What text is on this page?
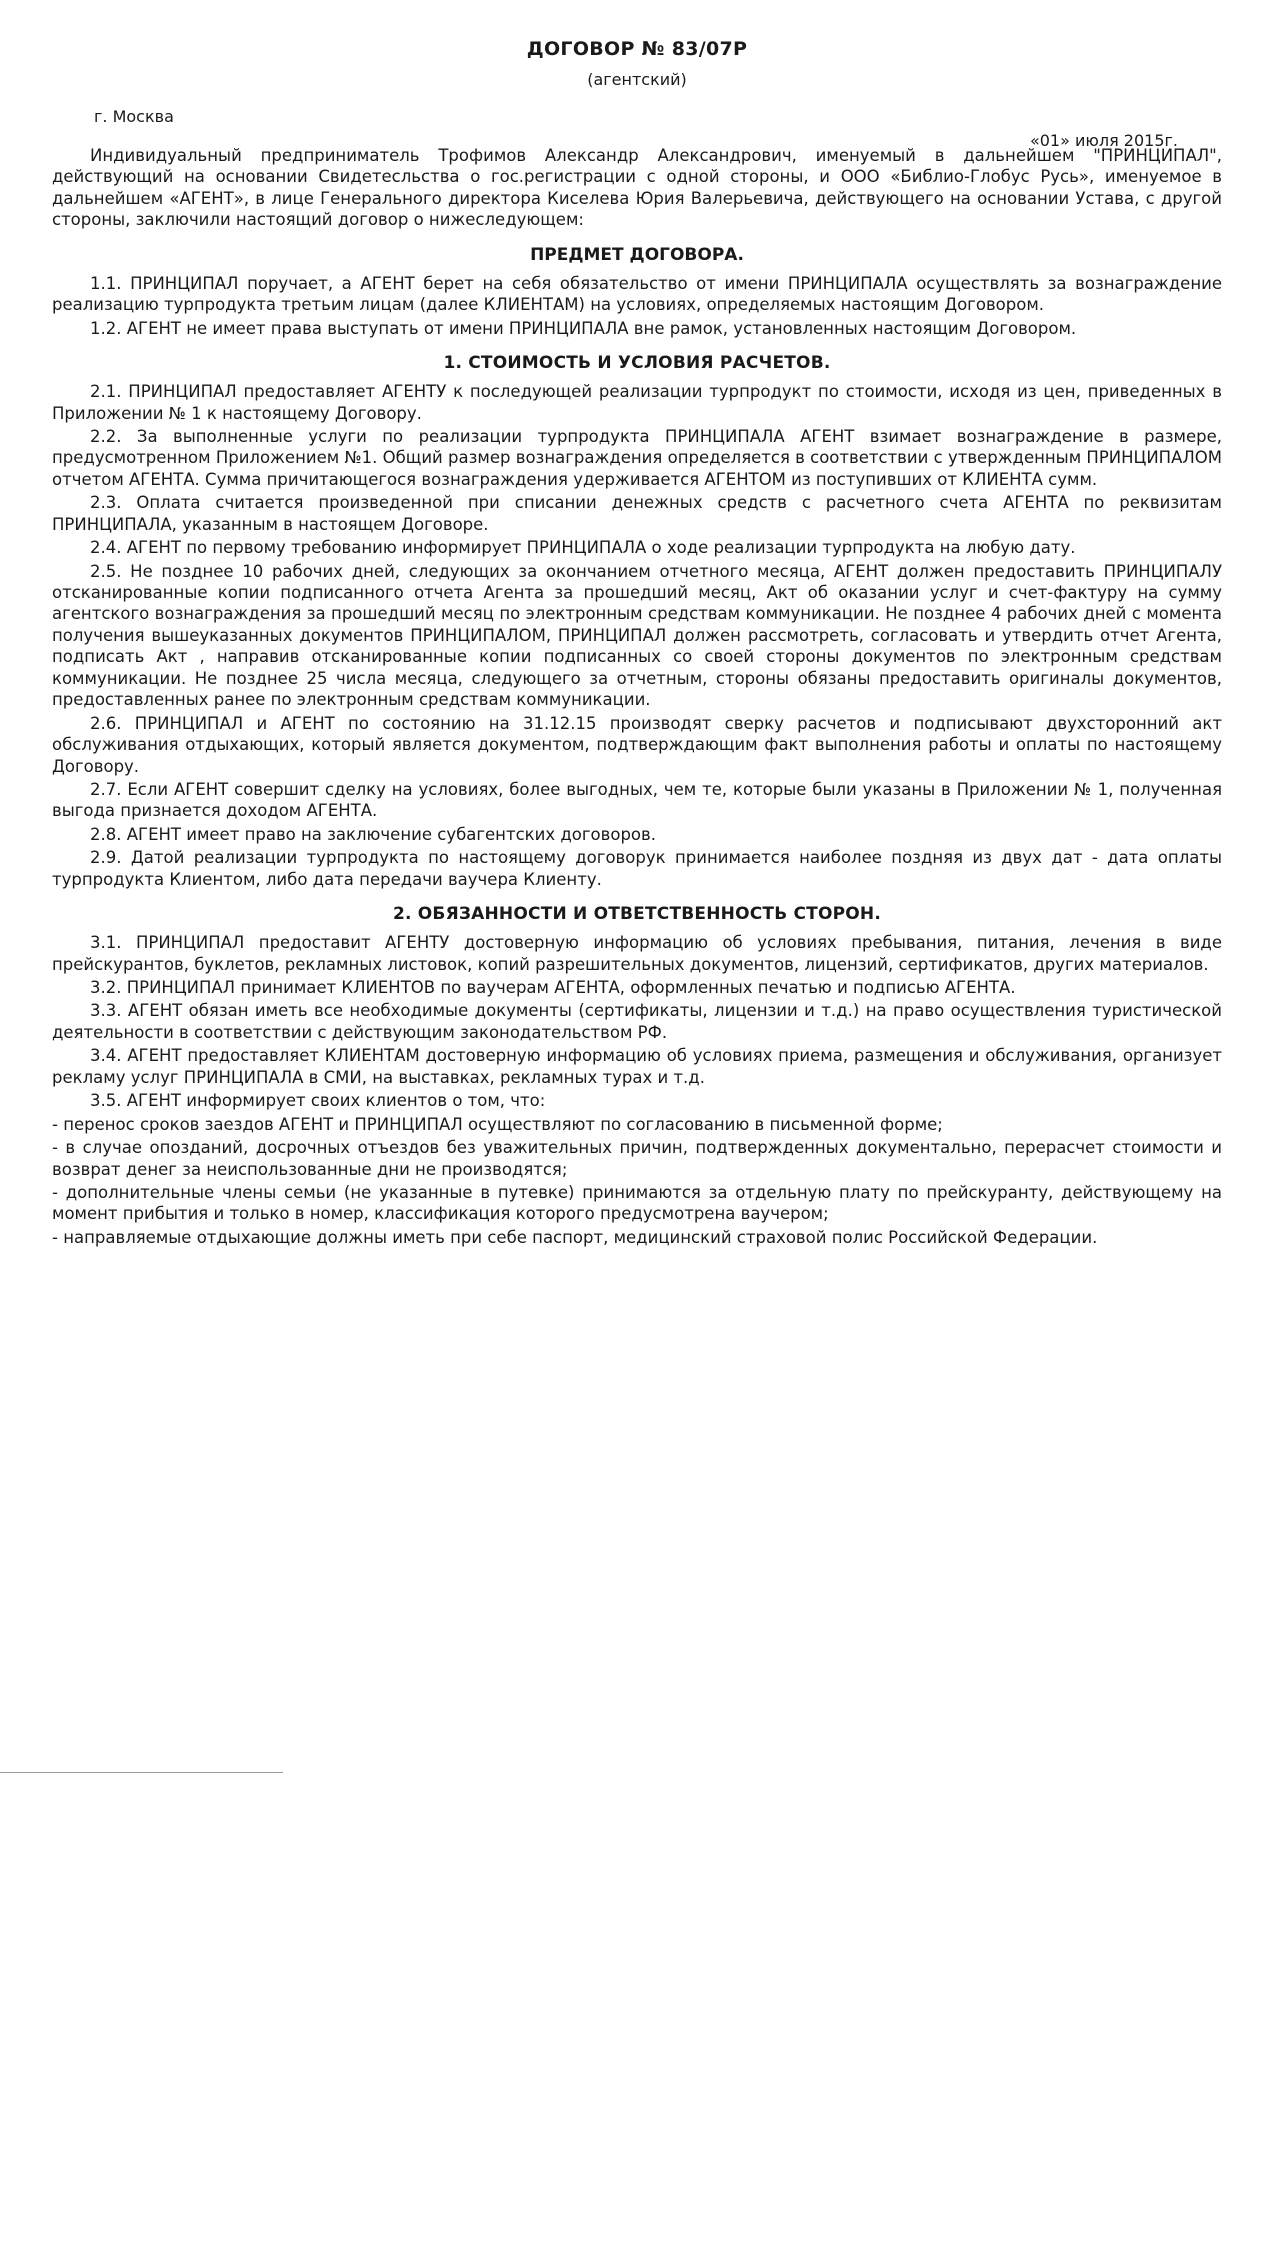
ДОГОВОР № 83/07Р
(агентский)
г. Москва
«01» июля 2015г.

Индивидуальный предприниматель Трофимов Александр Александрович, именуемый в дальнейшем "ПРИНЦИПАЛ", действующий на основании Свидетесльства о гос.регистрации с одной стороны, и ООО «Библио-Глобус Русь», именуемое в дальнейшем «АГЕНТ», в лице Генерального директора Киселева Юрия Валерьевича, действующего на основании Устава, с другой стороны, заключили настоящий договор о нижеследующем:

ПРЕДМЕТ ДОГОВОРА.

1.1. ПРИНЦИПАЛ поручает, а АГЕНТ берет на себя обязательство от имени ПРИНЦИПАЛА осуществлять за вознаграждение реализацию турпродукта третьим лицам (далее КЛИЕНТАМ) на условиях, определяемых настоящим Договором.

1.2. АГЕНТ не имеет права выступать от имени ПРИНЦИПАЛА вне рамок, установленных настоящим Договором.

1. СТОИМОСТЬ И УСЛОВИЯ РАСЧЕТОВ.

2.1. ПРИНЦИПАЛ предоставляет АГЕНТУ к последующей реализации турпродукт по стоимости, исходя из цен, приведенных в Приложении № 1 к настоящему Договору.

2.2. За выполненные услуги по реализации турпродукта ПРИНЦИПАЛА АГЕНТ взимает вознаграждение в размере, предусмотренном Приложением №1. Общий размер вознаграждения определяется в соответствии с утвержденным ПРИНЦИПАЛОМ отчетом АГЕНТА. Сумма причитающегося вознаграждения удерживается АГЕНТОМ из поступивших от КЛИЕНТА сумм.

2.3. Оплата считается произведенной при списании денежных средств с расчетного счета АГЕНТА по реквизитам ПРИНЦИПАЛА, указанным в настоящем Договоре.

2.4. АГЕНТ по первому требованию информирует ПРИНЦИПАЛА о ходе реализации турпродукта на любую дату.

2.5. Не позднее 10 рабочих дней, следующих за окончанием отчетного месяца, АГЕНТ должен предоставить ПРИНЦИПАЛУ отсканированные копии подписанного отчета Агента за прошедший месяц, Акт об оказании услуг и счет-фактуру на сумму агентского вознаграждения за прошедший месяц по электронным средствам коммуникации. Не позднее 4 рабочих дней с момента получения вышеуказанных документов ПРИНЦИПАЛОМ, ПРИНЦИПАЛ должен рассмотреть, согласовать и утвердить отчет Агента, подписать Акт , направив отсканированные копии подписанных со своей стороны документов по электронным средствам коммуникации. Не позднее 25 числа месяца, следующего за отчетным, стороны обязаны предоставить оригиналы документов, предоставленных ранее по электронным средствам коммуникации.

2.6. ПРИНЦИПАЛ и АГЕНТ по состоянию на 31.12.15 производят сверку расчетов и подписывают двухсторонний акт обслуживания отдыхающих, который является документом, подтверждающим факт выполнения работы и оплаты по настоящему Договору.

2.7. Если АГЕНТ совершит сделку на условиях, более выгодных, чем те, которые были указаны в Приложении № 1, полученная выгода признается доходом АГЕНТА.

2.8. АГЕНТ имеет право на заключение субагентских договоров.

2.9. Датой реализации турпродукта по настоящему договорук принимается наиболее поздняя из двух дат - дата оплаты турпродукта Клиентом, либо дата передачи ваучера Клиенту.

2. ОБЯЗАННОСТИ И ОТВЕТСТВЕННОСТЬ СТОРОН.

3.1. ПРИНЦИПАЛ предоставит АГЕНТУ достоверную информацию об условиях пребывания, питания, лечения в виде прейскурантов, буклетов, рекламных листовок, копий разрешительных документов, лицензий, сертификатов, других материалов.

3.2. ПРИНЦИПАЛ принимает КЛИЕНТОВ по ваучерам АГЕНТА, оформленных печатью и подписью АГЕНТА.

3.3. АГЕНТ обязан иметь все необходимые документы (сертификаты, лицензии и т.д.) на право осуществления туристической деятельности в соответствии с действующим законодательством РФ.

3.4. АГЕНТ предоставляет КЛИЕНТАМ достоверную информацию об условиях приема, размещения и обслуживания, организует рекламу услуг ПРИНЦИПАЛА в СМИ, на выставках, рекламных турах и т.д.

3.5. АГЕНТ информирует своих клиентов о том, что:

- перенос сроков заездов АГЕНТ и ПРИНЦИПАЛ осуществляют по согласованию в письменной форме;

- в случае опозданий, досрочных отъездов без уважительных причин, подтвержденных документально, перерасчет стоимости и возврат денег за неиспользованные дни не производятся;

- дополнительные члены семьи (не указанные в путевке) принимаются за отдельную плату по прейскуранту, действующему на момент прибытия и только в номер, классификация которого предусмотрена ваучером;

- направляемые отдыхающие должны иметь при себе паспорт, медицинский страховой полис Российской Федерации.
